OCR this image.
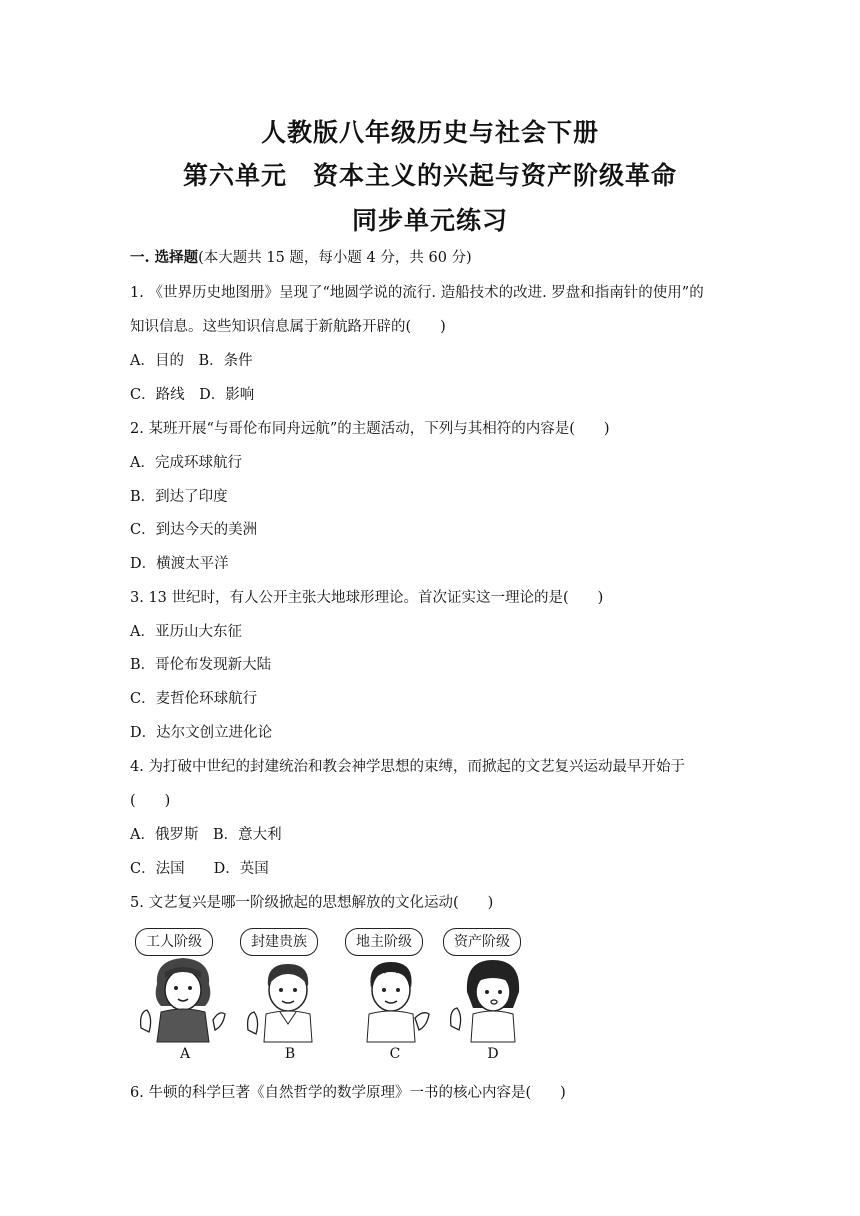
人教版八年级历史与社会下册
第六单元　资本主义的兴起与资产阶级革命
同步单元练习
一. 选择题(本大题共 15 题，每小题 4 分，共 60 分)
1. 《世界历史地图册》呈现了“地圆学说的流行. 造船技术的改进. 罗盘和指南针的使用”的
知识信息。这些知识信息属于新航路开辟的(　　)
A．目的　B．条件
C．路线　D．影响
2. 某班开展“与哥伦布同舟远航”的主题活动，下列与其相符的内容是(　　)
A．完成环球航行
B．到达了印度
C．到达今天的美洲
D．横渡太平洋
3. 13 世纪时，有人公开主张大地球形理论。首次证实这一理论的是(　　)
A．亚历山大东征
B．哥伦布发现新大陆
C．麦哲伦环球航行
D．达尔文创立进化论
4. 为打破中世纪的封建统治和教会神学思想的束缚，而掀起的文艺复兴运动最早开始于
(　　)
A．俄罗斯　B．意大利
C．法国　　D．英国
5. 文艺复兴是哪一阶级掀起的思想解放的文化运动(　　)
工人阶级
A
封建贵族
B
地主阶级
C
资产阶级
D
6. 牛顿的科学巨著《自然哲学的数学原理》一书的核心内容是(　　)
